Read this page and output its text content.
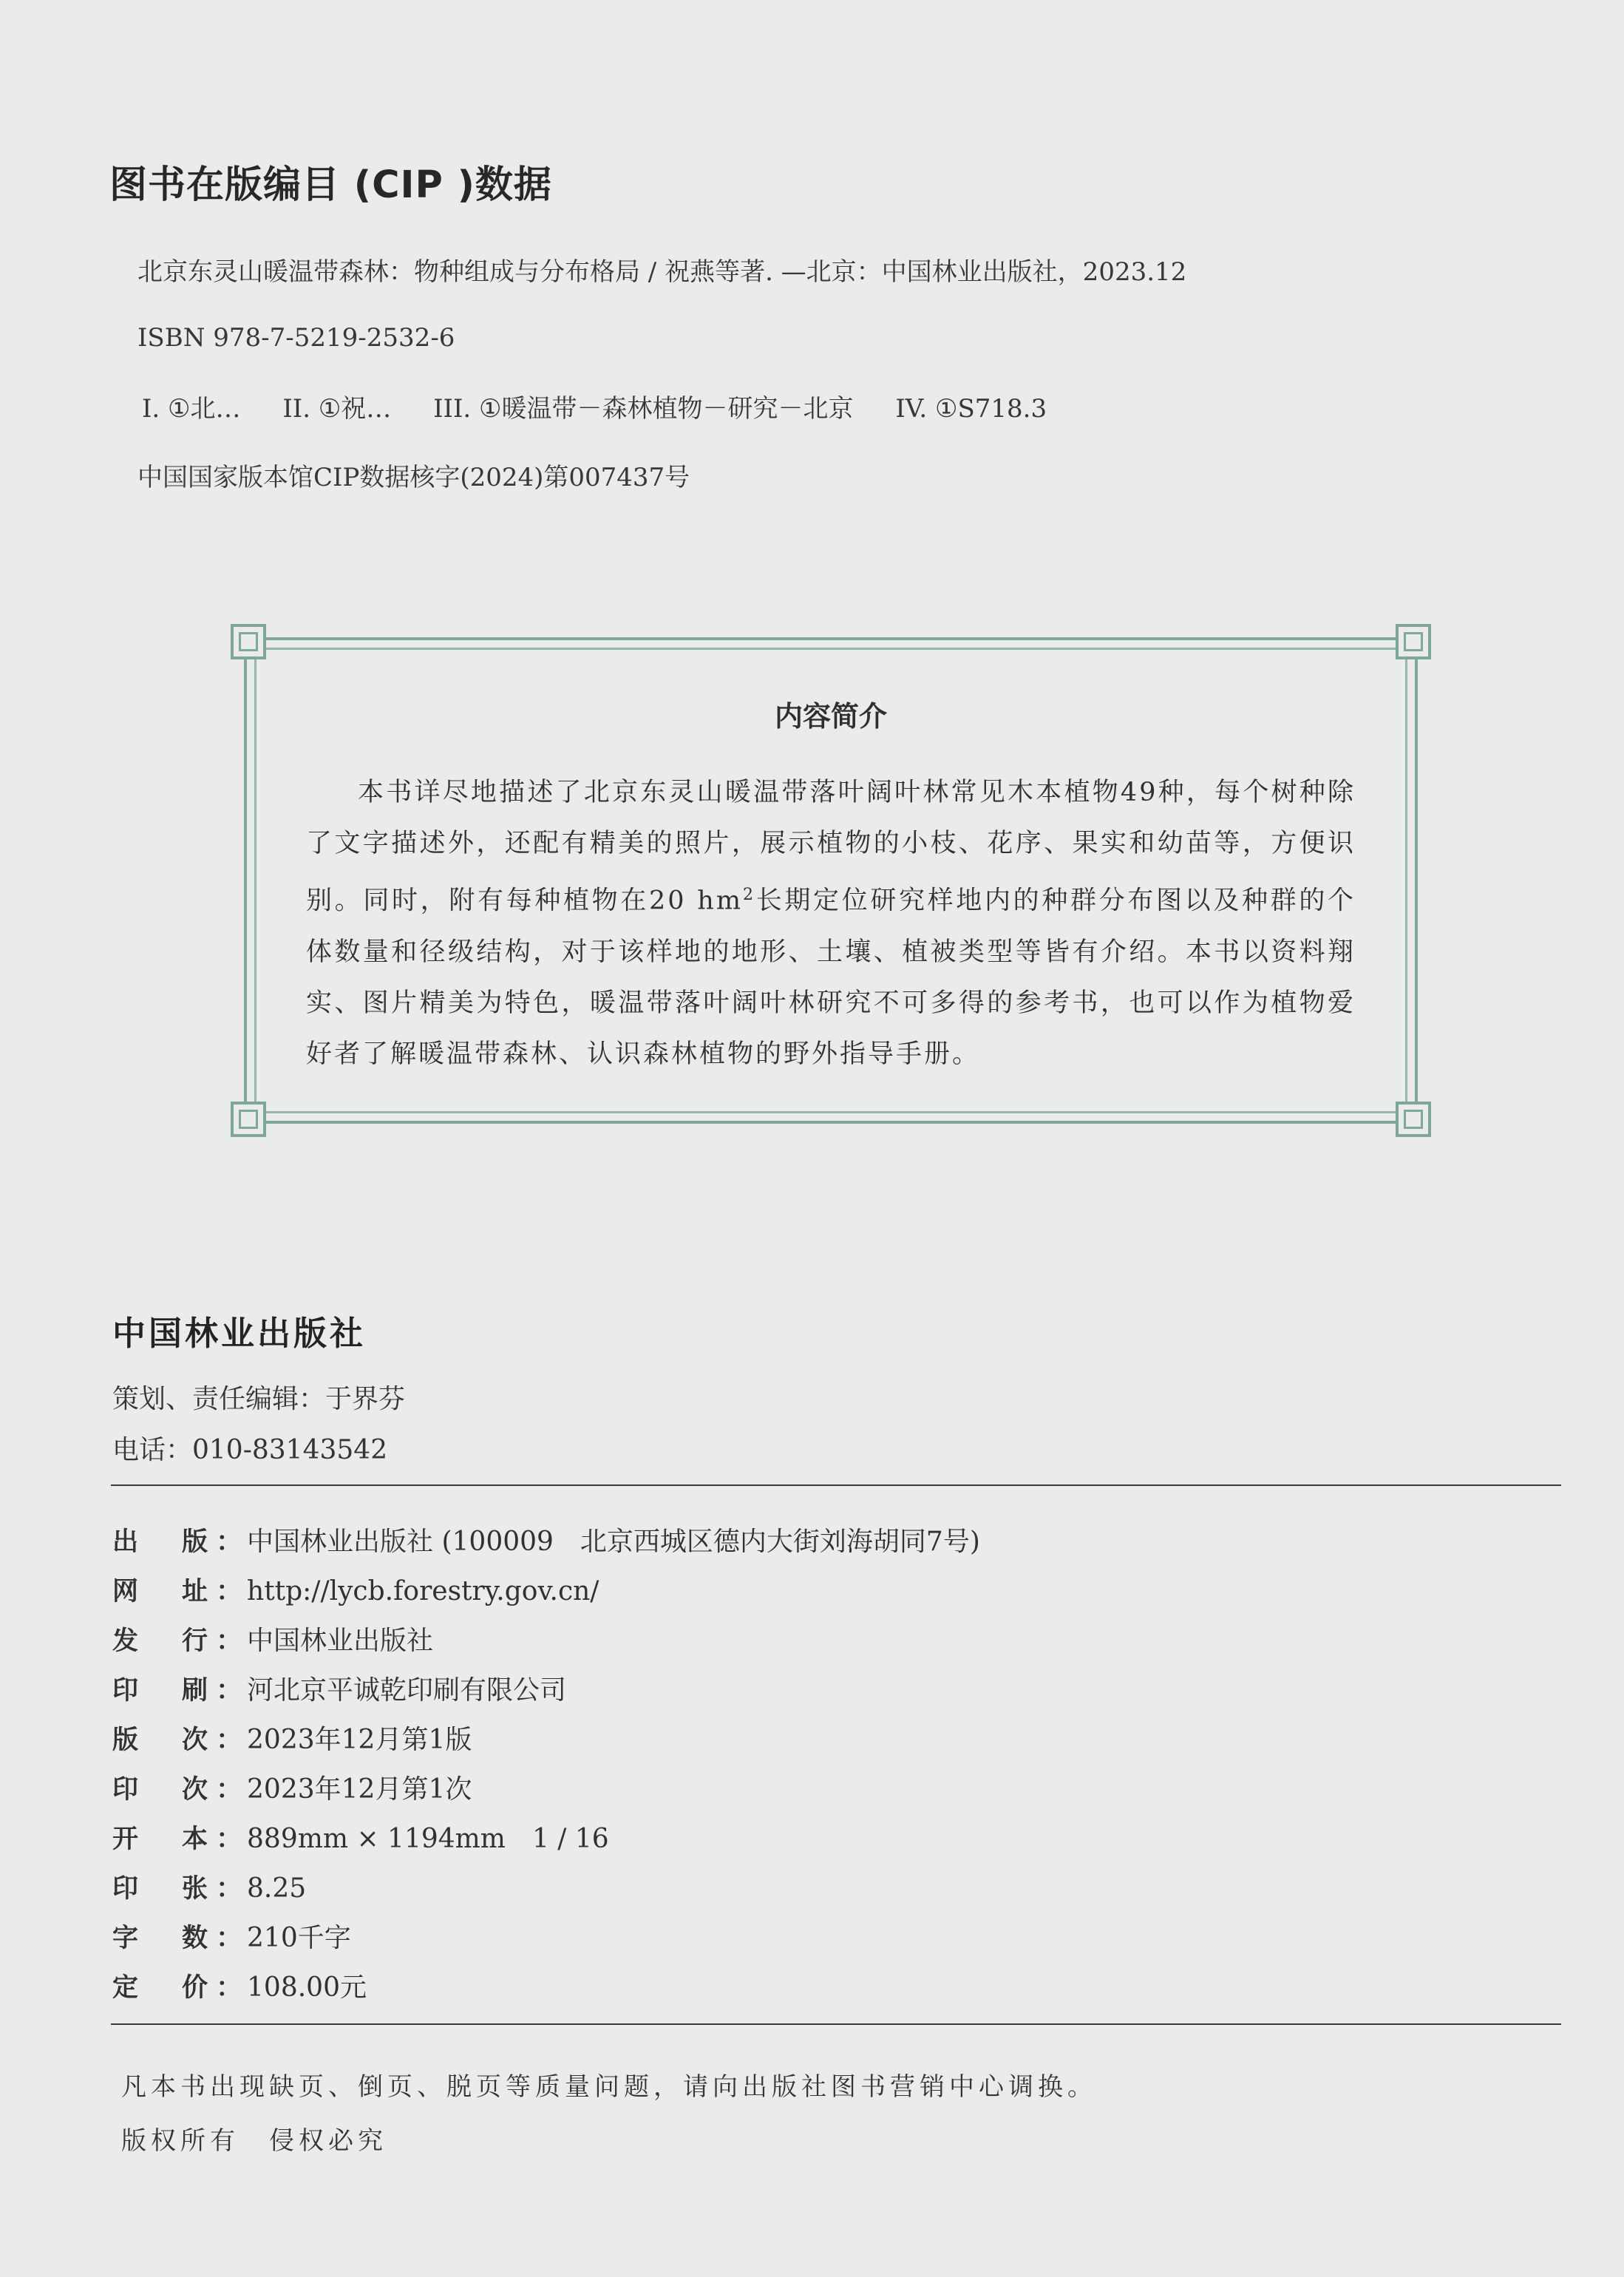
图书在版编目 (CIP )数据
北京东灵山暖温带森林：物种组成与分布格局 / 祝燕等著. —北京：中国林业出版社，2023.12
ISBN 978-7-5219-2532-6
I. ①北… II. ①祝… III. ①暖温带－森林植物－研究－北京 IV. ①S718.3
中国国家版本馆CIP数据核字(2024)第007437号
内容简介
本书详尽地描述了北京东灵山暖温带落叶阔叶林常见木本植物49种，每个树种除了文字描述外，还配有精美的照片，展示植物的小枝、花序、果实和幼苗等，方便识别。同时，附有每种植物在20 $hm^2$长期定位研究样地内的种群分布图以及种群的个体数量和径级结构，对于该样地的地形、土壤、植被类型等皆有介绍。本书以资料翔实、图片精美为特色，暖温带落叶阔叶林研究不可多得的参考书，也可以作为植物爱好者了解暖温带森林、认识森林植物的野外指导手册。
中国林业出版社
策划、责任编辑：于界芬
电话：010-83143542
出　版： 中国林业出版社 (100009　北京西城区德内大街刘海胡同7号)
网　址： http://lycb.forestry.gov.cn/
发　行： 中国林业出版社
印　刷： 河北京平诚乾印刷有限公司
版　次： 2023年12月第1版
印　次： 2023年12月第1次
开　本： 889mm × 1194mm　1 / 16
印　张： 8.25
字　数： 210千字
定　价： 108.00元
凡本书出现缺页、倒页、脱页等质量问题，请向出版社图书营销中心调换。
版权所有　侵权必究
